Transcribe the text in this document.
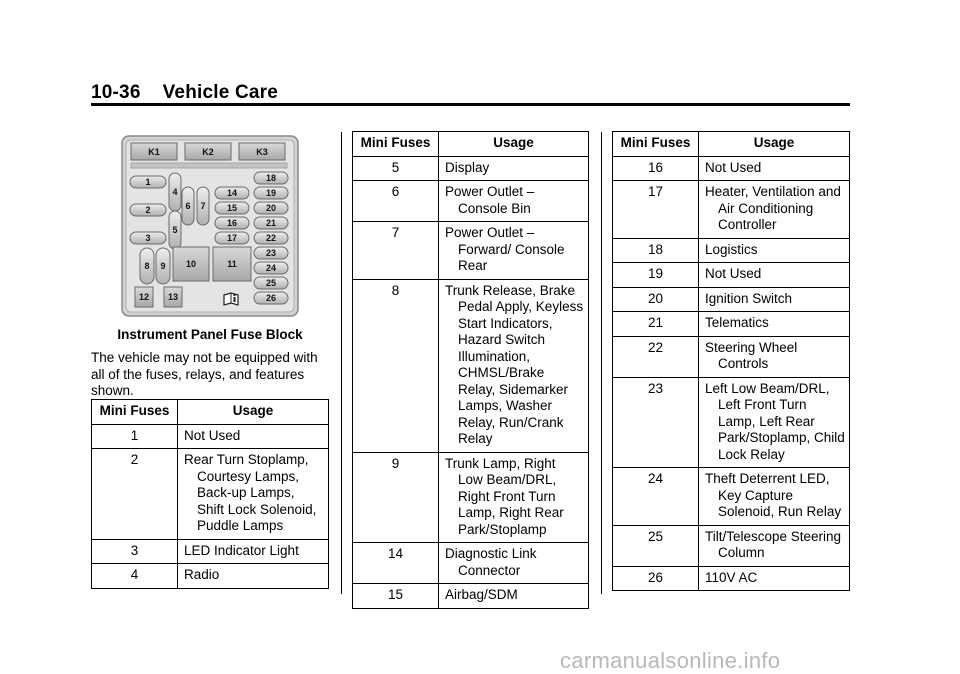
10-36 Vehicle Care
K1	K2	K3
1
2
3
4
5
6 7
14
15
16
17
18
19
20
21
22
23
24
25
26
8 9 10	11
12 13
Instrument Panel Fuse Block
The vehicle may not be equipped with all of the fuses, relays, and features shown.
Mini Fuses	Usage
1	Not Used

2	Rear Turn Stoplamp, Courtesy Lamps, Back-up Lamps, Shift Lock Solenoid, Puddle Lamps

3	LED Indicator Light

4	Radio
Mini Fuses	Usage
5	Display

6	Power Outlet – Console Bin

7	Power Outlet – Forward/ Console Rear

8	Trunk Release, Brake Pedal Apply, Keyless Start Indicators, Hazard Switch Illumination, CHMSL/Brake Relay, Sidemarker Lamps, Washer Relay, Run/Crank Relay

9	Trunk Lamp, Right Low Beam/DRL, Right Front Turn Lamp, Right Rear Park/Stoplamp

14	Diagnostic Link Connector

15	Airbag/SDM
Mini Fuses	Usage
16	Not Used

17	Heater, Ventilation and Air Conditioning Controller

18	Logistics

19	Not Used

20	Ignition Switch

21	Telematics

22	Steering Wheel Controls

23	Left Low Beam/DRL, Left Front Turn Lamp, Left Rear Park/Stoplamp, Child Lock Relay

24	Theft Deterrent LED, Key Capture Solenoid, Run Relay

25	Tilt/Telescope Steering Column

26	110V AC
carmanualsonline.info
